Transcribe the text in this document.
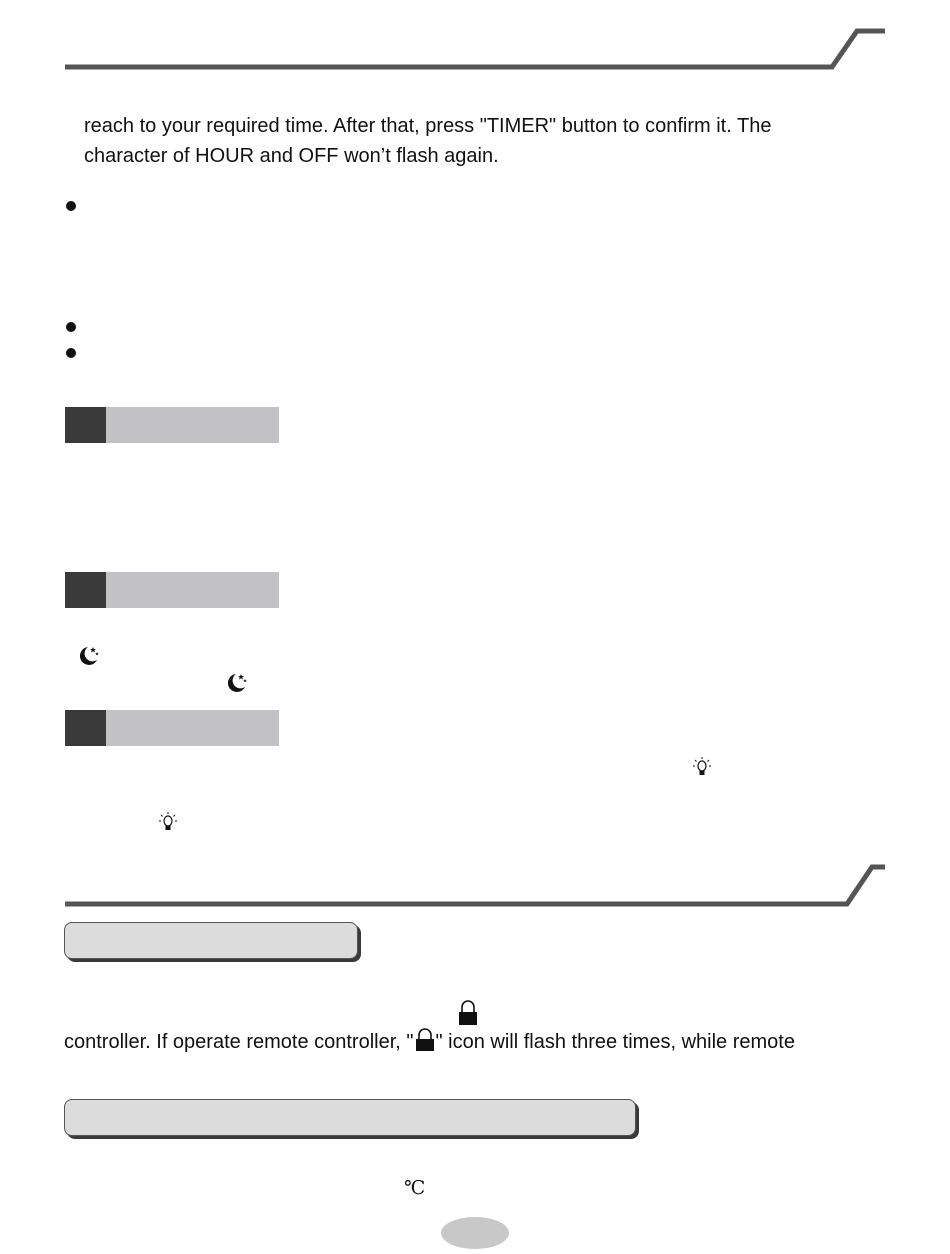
reach to your required time. After that, press "TIMER" button to confirm it. The
character of HOUR and OFF won’t flash again.
controller. If operate remote controller, " " icon will flash three times, while remote
℃
